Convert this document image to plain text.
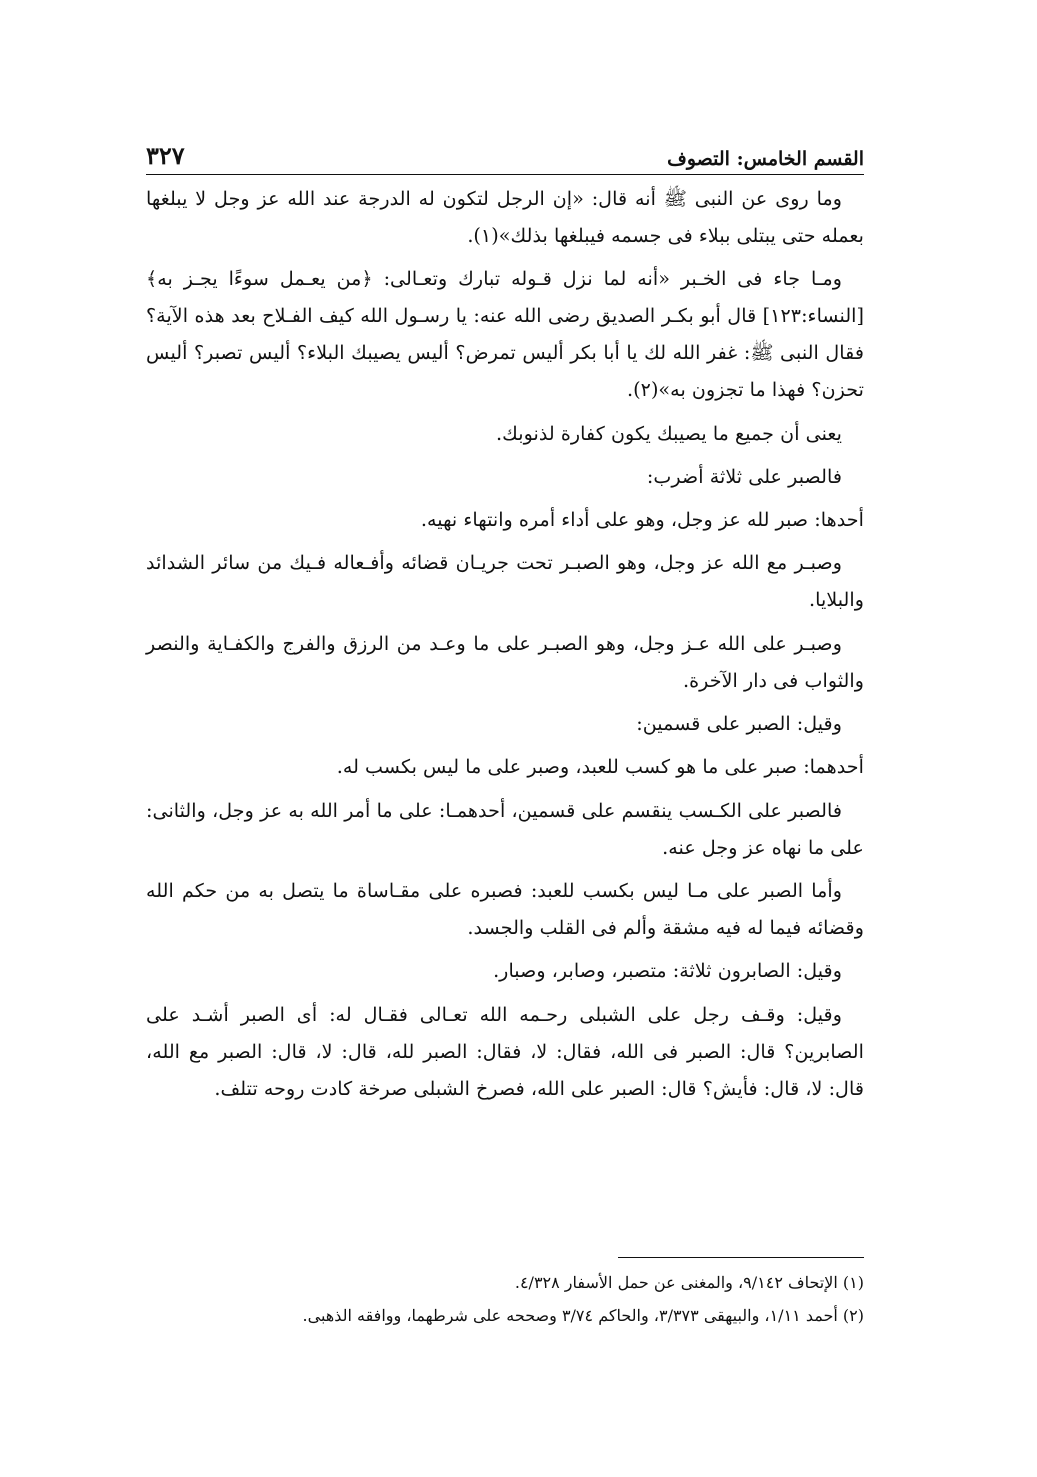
القسم الخامس: التصوف
٣٢٧

وما روى عن النبى ﷺ أنه قال: «إن الرجل لتكون له الدرجة عند الله عز وجل لا يبلغها بعمله حتى يبتلى ببلاء فى جسمه فيبلغها بذلك»(١).

ومـا جاء فى الخـبر «أنه لما نزل قـوله تبارك وتعـالى: ﴿من يعـمل سوءًا يجـز به﴾ [النساء:١٢٣] قال أبو بكـر الصديق رضى الله عنه: يا رسـول الله كيف الفـلاح بعد هذه الآية؟ فقال النبى ﷺ: غفر الله لك يا أبا بكر ألیس تمرض؟ ألیس یصیبك البلاء؟ ألیس تصبر؟ ألیس تحزن؟ فهذا ما تجزون به»(٢).

يعنى أن جميع ما يصيبك يكون كفارة لذنوبك.

فالصبر على ثلاثة أضرب:

أحدها: صبر لله عز وجل، وهو على أداء أمره وانتهاء نهيه.

وصبـر مع الله عز وجل، وهو الصبـر تحت جريـان قضائه وأفـعاله فـيك من سائر الشدائد والبلايا.

وصبـر على الله عـز وجل، وهو الصبـر على ما وعـد من الرزق والفرج والكفـاية والنصر والثواب فى دار الآخرة.

وقيل: الصبر على قسمين:

أحدهما: صبر على ما هو كسب للعبد، وصبر على ما ليس بكسب له.

فالصبر على الكـسب ينقسم على قسمين، أحدهمـا: على ما أمر الله به عز وجل، والثانى: على ما نهاه عز وجل عنه.

وأما الصبر على مـا ليس بكسب للعبد: فصبره على مقـاساة ما يتصل به من حكم الله وقضائه فيما له فيه مشقة وألم فى القلب والجسد.

وقيل: الصابرون ثلاثة: متصبر، وصابر، وصبار.

وقيل: وقـف رجل على الشبلى رحـمه الله تعـالى فقـال له: أى الصبر أشـد على الصابرين؟ قال: الصبر فى الله، فقال: لا، فقال: الصبر لله، قال: لا، قال: الصبر مع الله، قال: لا، قال: فأيش؟ قال: الصبر على الله، فصرخ الشبلى صرخة كادت روحه تتلف.

(١) الإتحاف ٩/١٤٢، والمغنى عن حمل الأسفار ٤/٣٢٨.
(٢) أحمد ١/١١، والبيهقى ٣/٣٧٣، والحاكم ٣/٧٤ وصححه على شرطهما، ووافقه الذهبى.
